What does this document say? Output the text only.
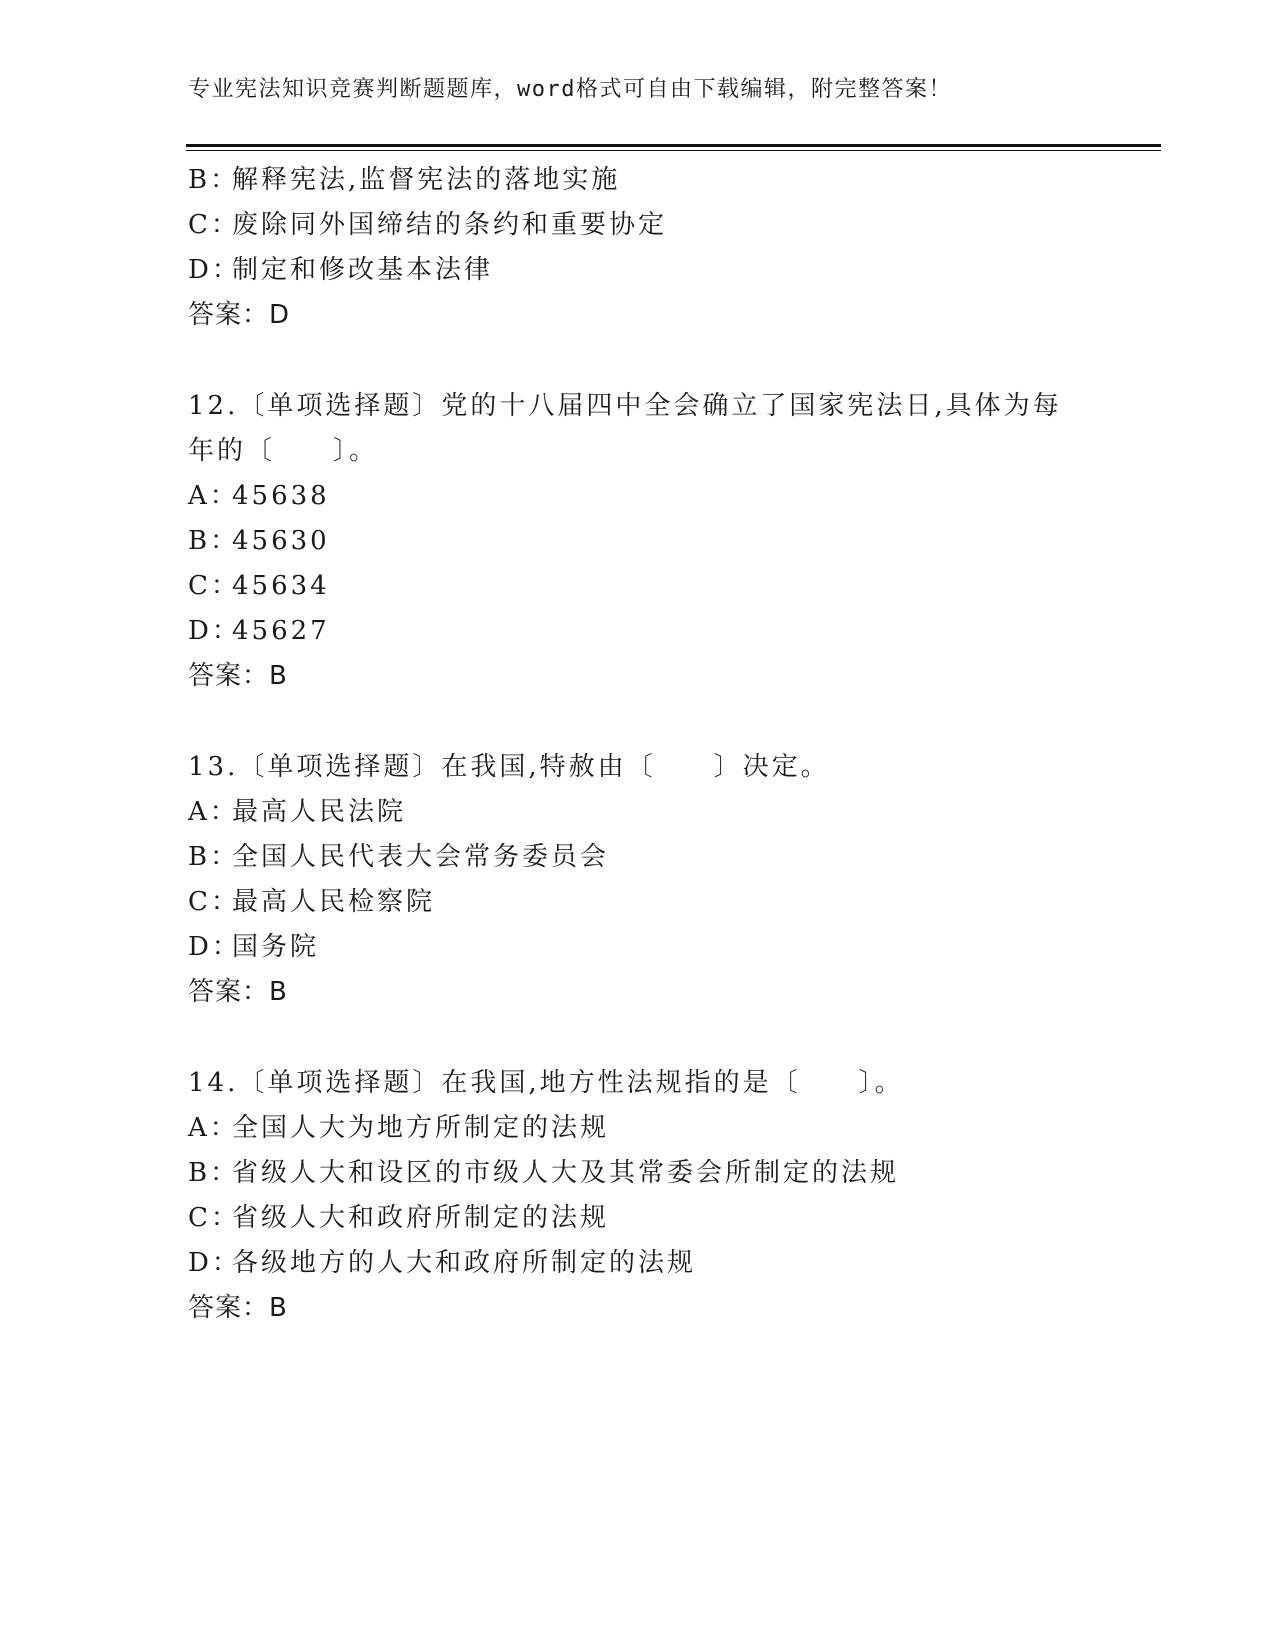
专业宪法知识竞赛判断题题库，word格式可自由下载编辑，附完整答案！
B：解释宪法,监督宪法的落地实施
C：废除同外国缔结的条约和重要协定
D：制定和修改基本法律
答案：D
12.〔单项选择题〕党的十八届四中全会确立了国家宪法日,具体为每
年的〔　　〕。
A：45638
B：45630
C：45634
D：45627
答案：B
13.〔单项选择题〕在我国,特赦由〔　　〕决定。
A：最高人民法院
B：全国人民代表大会常务委员会
C：最高人民检察院
D：国务院
答案：B
14.〔单项选择题〕在我国,地方性法规指的是〔　　〕。
A：全国人大为地方所制定的法规
B：省级人大和设区的市级人大及其常委会所制定的法规
C：省级人大和政府所制定的法规
D：各级地方的人大和政府所制定的法规
答案：B
